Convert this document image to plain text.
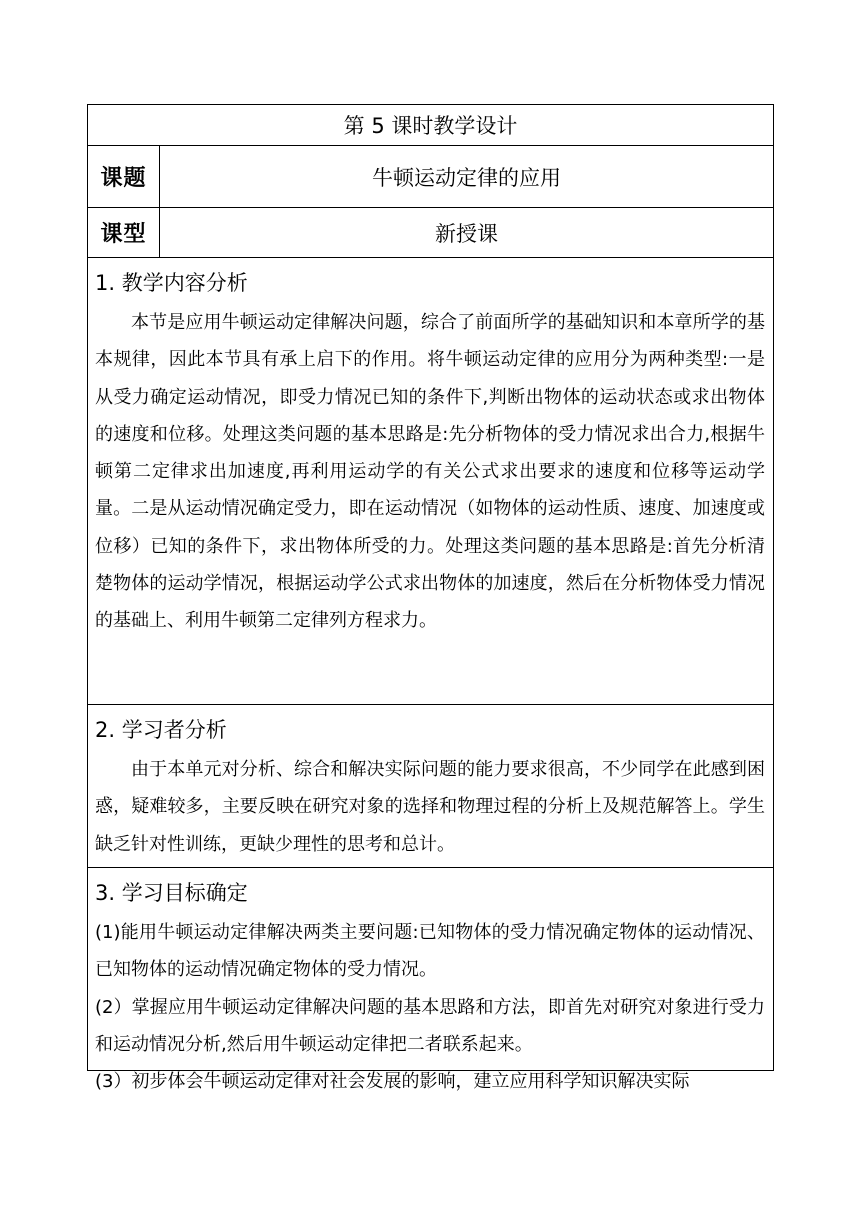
第 5 课时教学设计	
课题	牛顿运动定律的应用
课型	新授课

1. 教学内容分析

本节是应用牛顿运动定律解决问题，综合了前面所学的基础知识和本章所学的基本规律，因此本节具有承上启下的作用。将牛顿运动定律的应用分为两种类型:一是从受力确定运动情况，即受力情况已知的条件下,判断出物体的运动状态或求出物体的速度和位移。处理这类问题的基本思路是:先分析物体的受力情况求出合力,根据牛顿第二定律求出加速度,再利用运动学的有关公式求出要求的速度和位移等运动学量。二是从运动情况确定受力，即在运动情况（如物体的运动性质、速度、加速度或位移）已知的条件下，求出物体所受的力。处理这类问题的基本思路是:首先分析清楚物体的运动学情况，根据运动学公式求出物体的加速度，然后在分析物体受力情况的基础上、利用牛顿第二定律列方程求力。	

2. 学习者分析

由于本单元对分析、综合和解决实际问题的能力要求很高，不少同学在此感到困惑，疑难较多，主要反映在研究对象的选择和物理过程的分析上及规范解答上。学生缺乏针对性训练，更缺少理性的思考和总计。	

3. 学习目标确定

(1)能用牛顿运动定律解决两类主要问题:已知物体的受力情况确定物体的运动情况、已知物体的运动情况确定物体的受力情况。

(2）掌握应用牛顿运动定律解决问题的基本思路和方法，即首先对研究对象进行受力和运动情况分析,然后用牛顿运动定律把二者联系起来。

(3）初步体会牛顿运动定律对社会发展的影响，建立应用科学知识解决实际	
